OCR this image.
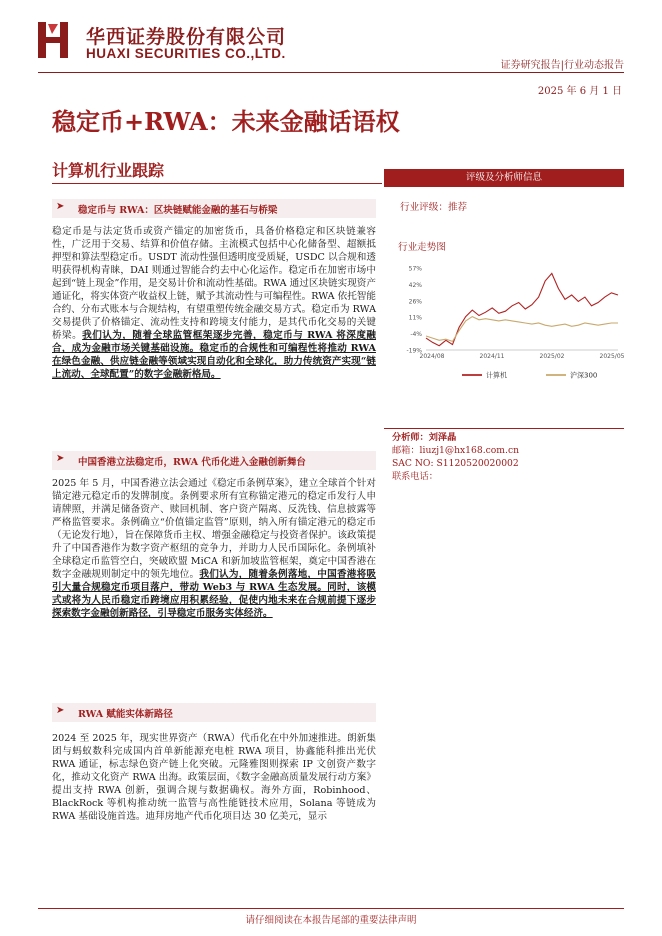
华西证券股份有限公司
HUAXI SECURITIES CO.,LTD.
证券研究报告|行业动态报告
2025 年 6 月 1 日
稳定币+RWA：未来金融话语权
计算机行业跟踪
➤ 稳定币与 RWA：区块链赋能金融的基石与桥梁
稳定币是与法定货币或资产锚定的加密货币，具备价格稳定和区块链兼容性，广泛用于交易、结算和价值存储。主流模式包括中心化储备型、超额抵押型和算法型稳定币。USDT 流动性强但透明度受质疑，USDC 以合规和透明获得机构青睐，DAI 则通过智能合约去中心化运作。稳定币在加密市场中起到“链上现金”作用，是交易计价和流动性基础。RWA 通过区块链实现资产通证化，将实体资产收益权上链，赋予其流动性与可编程性。RWA 依托智能合约、分布式账本与合规结构，有望重塑传统金融交易方式。稳定币为 RWA 交易提供了价格锚定、流动性支持和跨境支付能力，是其代币化交易的关键桥梁。我们认为，随着全球监管框架逐步完善，稳定币与 RWA 将深度融合，成为金融市场关键基础设施。稳定币的合规性和可编程性将推动 RWA 在绿色金融、供应链金融等领域实现自动化和全球化，助力传统资产实现“链上流动、全球配置”的数字金融新格局。
➤ 中国香港立法稳定币，RWA 代币化进入金融创新舞台
2025 年 5 月，中国香港立法会通过《稳定币条例草案》，建立全球首个针对锚定港元稳定币的发牌制度。条例要求所有宣称锚定港元的稳定币发行人申请牌照，并满足储备资产、赎回机制、客户资产隔离、反洗钱、信息披露等严格监管要求。条例确立“价值锚定监管”原则，纳入所有锚定港元的稳定币（无论发行地），旨在保障货币主权、增强金融稳定与投资者保护。该政策提升了中国香港作为数字资产枢纽的竞争力，并助力人民币国际化。条例填补全球稳定币监管空白，突破欧盟 MiCA 和新加坡监管框架，奠定中国香港在数字金融规则制定中的领先地位。我们认为，随着条例落地，中国香港将吸引大量合规稳定币项目落户，带动 Web3 与 RWA 生态发展。同时，该模式或将为人民币稳定币跨境应用积累经验，促使内地未来在合规前提下逐步探索数字金融创新路径，引导稳定币服务实体经济。
➤ RWA 赋能实体新路径
2024 至 2025 年，现实世界资产（RWA）代币化在中外加速推进。朗新集团与蚂蚁数科完成国内首单新能源充电桩 RWA 项目，协鑫能科推出光伏 RWA 通证，标志绿色资产链上化突破。元隆雅图则探索 IP 文创资产数字化，推动文化资产 RWA 出海。政策层面，《数字金融高质量发展行动方案》提出支持 RWA 创新，强调合规与数据确权。海外方面，Robinhood、BlackRock 等机构推动统一监管与高性能链技术应用，Solana 等链成为 RWA 基础设施首选。迪拜房地产代币化项目达 30 亿美元，显示
评级及分析师信息
行业评级：推荐
行业走势图
57%
42%
26%
11%
-4%
-19%
2024/08	2024/11	2025/02	2025/05
计算机	沪深300
分析师：刘泽晶
邮箱：liuzj1@hx168.com.cn
SAC NO: S1120520020002
联系电话：
请仔细阅读在本报告尾部的重要法律声明
